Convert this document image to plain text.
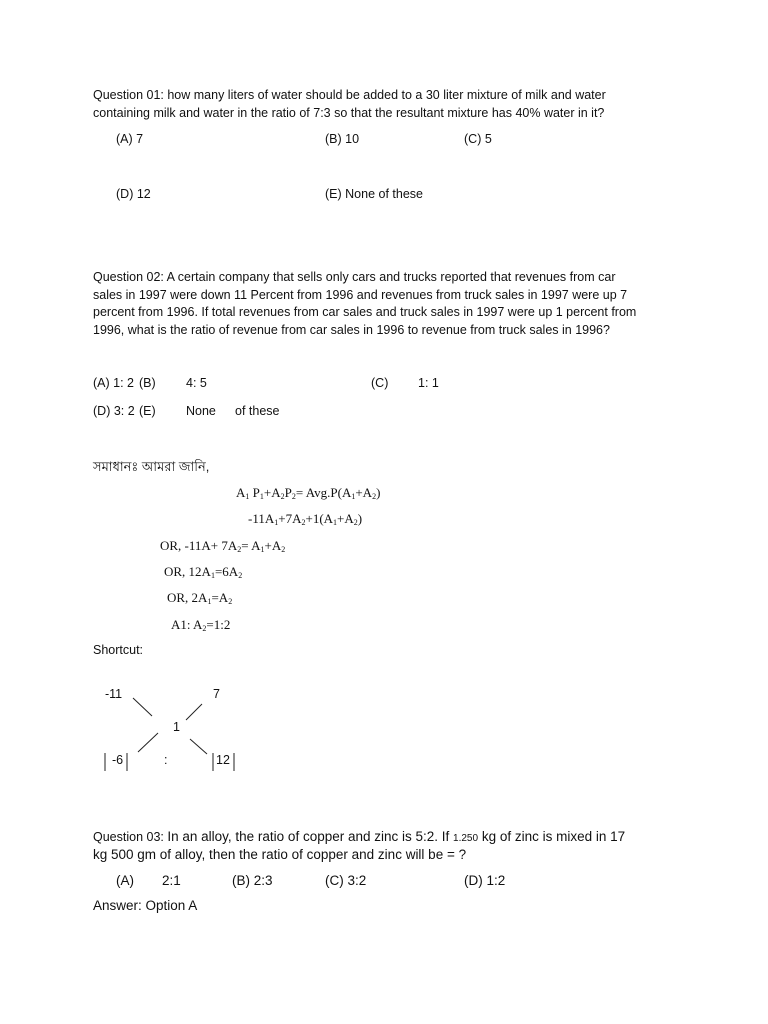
Question 01: how many liters of water should be added to a 30 liter mixture of milk and water
containing milk and water in the ratio of 7:3 so that the resultant mixture has 40% water in it?
(A) 7	(B) 10	(C) 5
(D) 12	(E) None of these
Question 02: A certain company that sells only cars and trucks reported that revenues from car
sales in 1997 were down 11 Percent from 1996 and revenues from truck sales in 1997 were up 7
percent from 1996. If total revenues from car sales and truck sales in 1997 were up 1 percent from
1996, what is the ratio of revenue from car sales in 1996 to revenue from truck sales in 1996?
(A) 1: 2 (B) 4: 5	(C) 1: 1
(D) 3: 2 (E) None of these
সমাধানঃ আমরা জানি,
$A_1$ $P_1+A_2P_2= Avg.P(A_1+A_2)$
$-11A_1+7A_2+1(A_1+A_2)$
OR, $-11A+ 7A_2= A_1+A_2$
OR, $12A_1=6A_2$
OR, $2A_1=A_2$
A1: $A_2=1:2$
Shortcut:
-11	7
1
-6	:	12
Question 03: In an alloy, the ratio of copper and zinc is 5:2. If 1.250 kg of zinc is mixed in 17
kg 500 gm of alloy, then the ratio of copper and zinc will be = ?
(A) 2:1	(B) 2:3	(C) 3:2	(D) 1:2
Answer: Option A
